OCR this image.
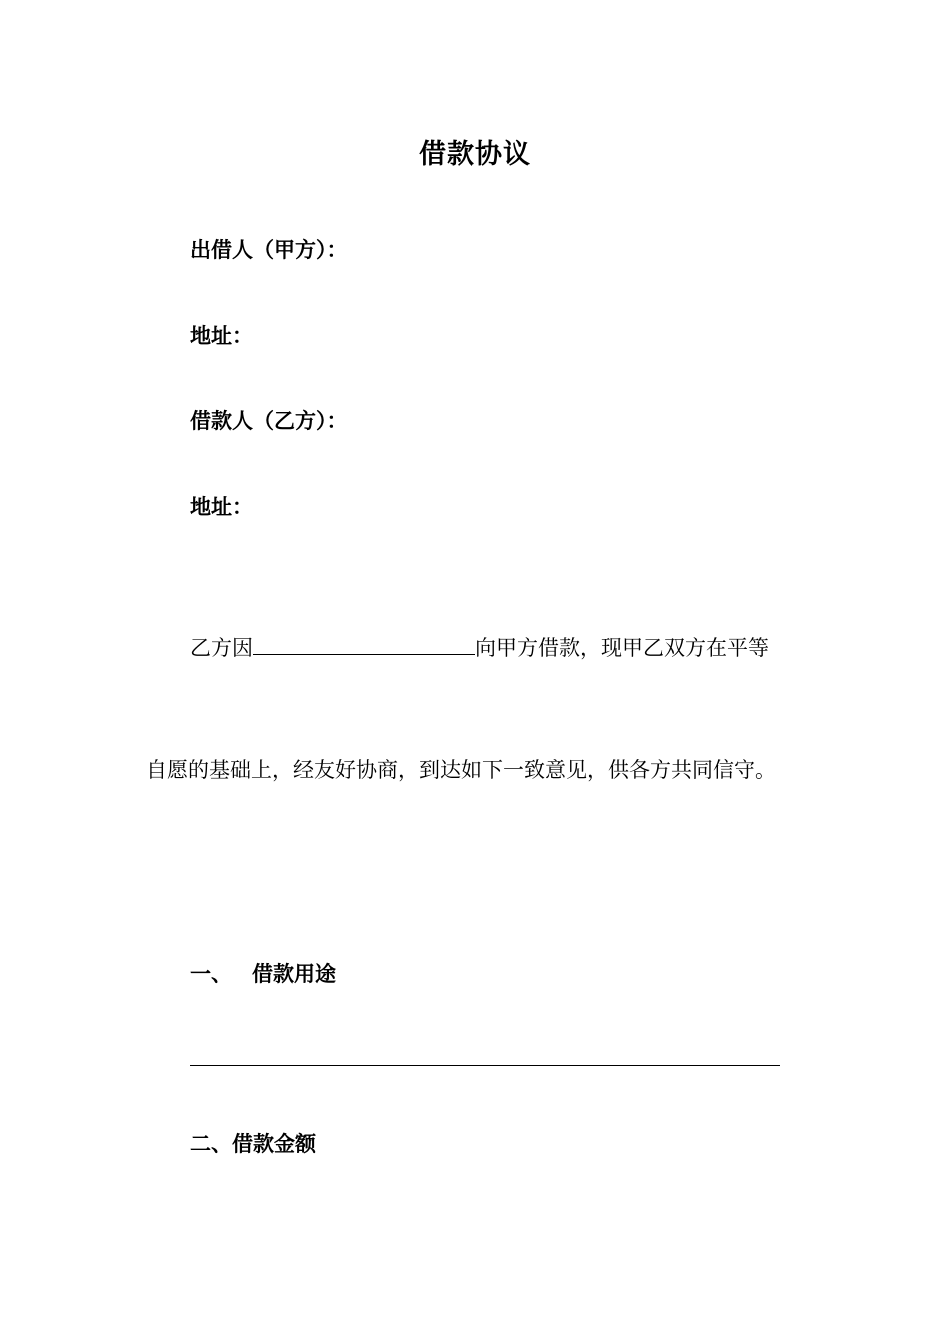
借款协议
出借人（甲方）：
地址：
借款人（乙方）：
地址：
乙方因	向甲方借款，现甲乙双方在平等
自愿的基础上，经友好协商，到达如下一致意见，供各方共同信守。
一、 借款用途
二、借款金额
